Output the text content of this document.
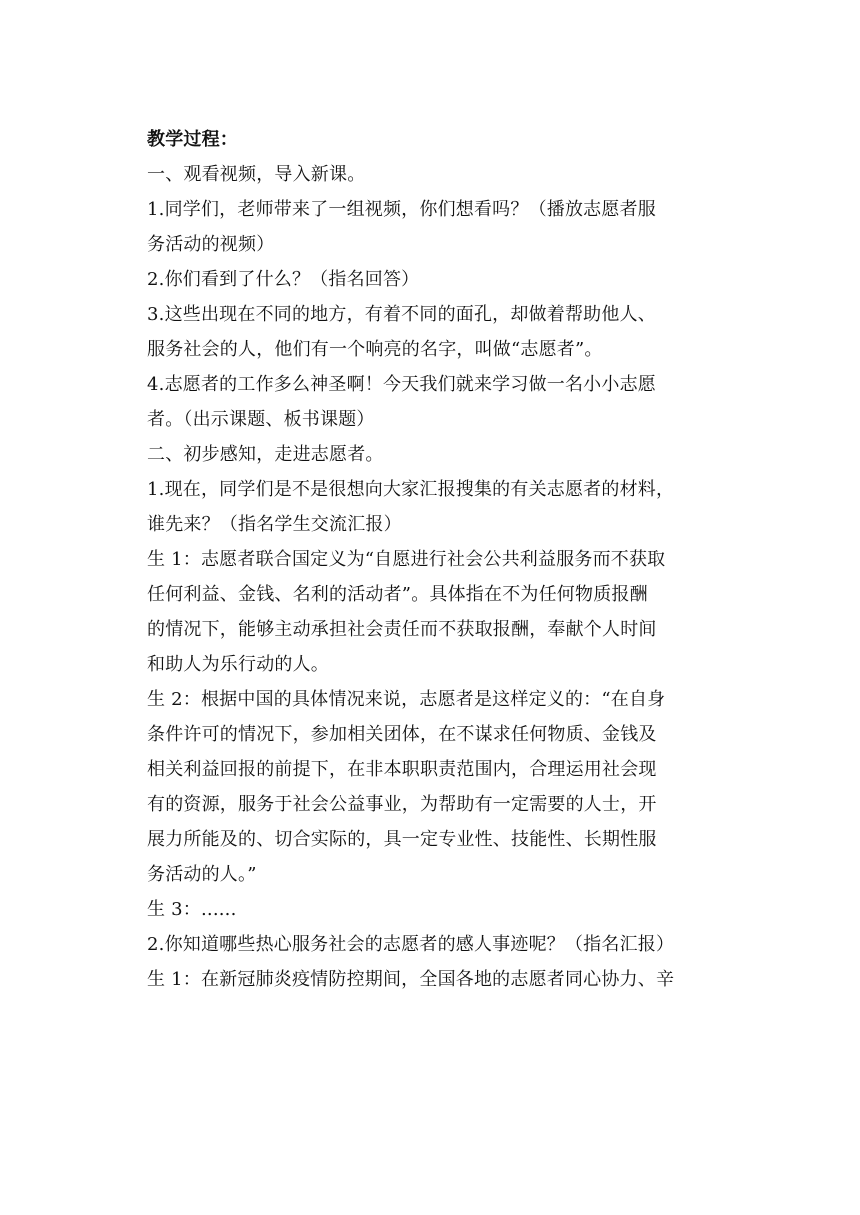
教学过程：
一、观看视频，导入新课。
1.同学们，老师带来了一组视频，你们想看吗？（播放志愿者服
务活动的视频）
2.你们看到了什么？（指名回答）
3.这些出现在不同的地方，有着不同的面孔，却做着帮助他人、
服务社会的人，他们有一个响亮的名字，叫做“志愿者”。
4.志愿者的工作多么神圣啊！今天我们就来学习做一名小小志愿
者。（出示课题、板书课题）
二、初步感知，走进志愿者。
1.现在，同学们是不是很想向大家汇报搜集的有关志愿者的材料，
谁先来？（指名学生交流汇报）
生 1：志愿者联合国定义为“自愿进行社会公共利益服务而不获取
任何利益、金钱、名利的活动者”。具体指在不为任何物质报酬
的情况下，能够主动承担社会责任而不获取报酬，奉献个人时间
和助人为乐行动的人。
生 2：根据中国的具体情况来说，志愿者是这样定义的：“在自身
条件许可的情况下，参加相关团体，在不谋求任何物质、金钱及
相关利益回报的前提下，在非本职职责范围内，合理运用社会现
有的资源，服务于社会公益事业，为帮助有一定需要的人士，开
展力所能及的、切合实际的，具一定专业性、技能性、长期性服
务活动的人。”
生 3：......
2.你知道哪些热心服务社会的志愿者的感人事迹呢？（指名汇报）
生 1：在新冠肺炎疫情防控期间，全国各地的志愿者同心协力、辛
